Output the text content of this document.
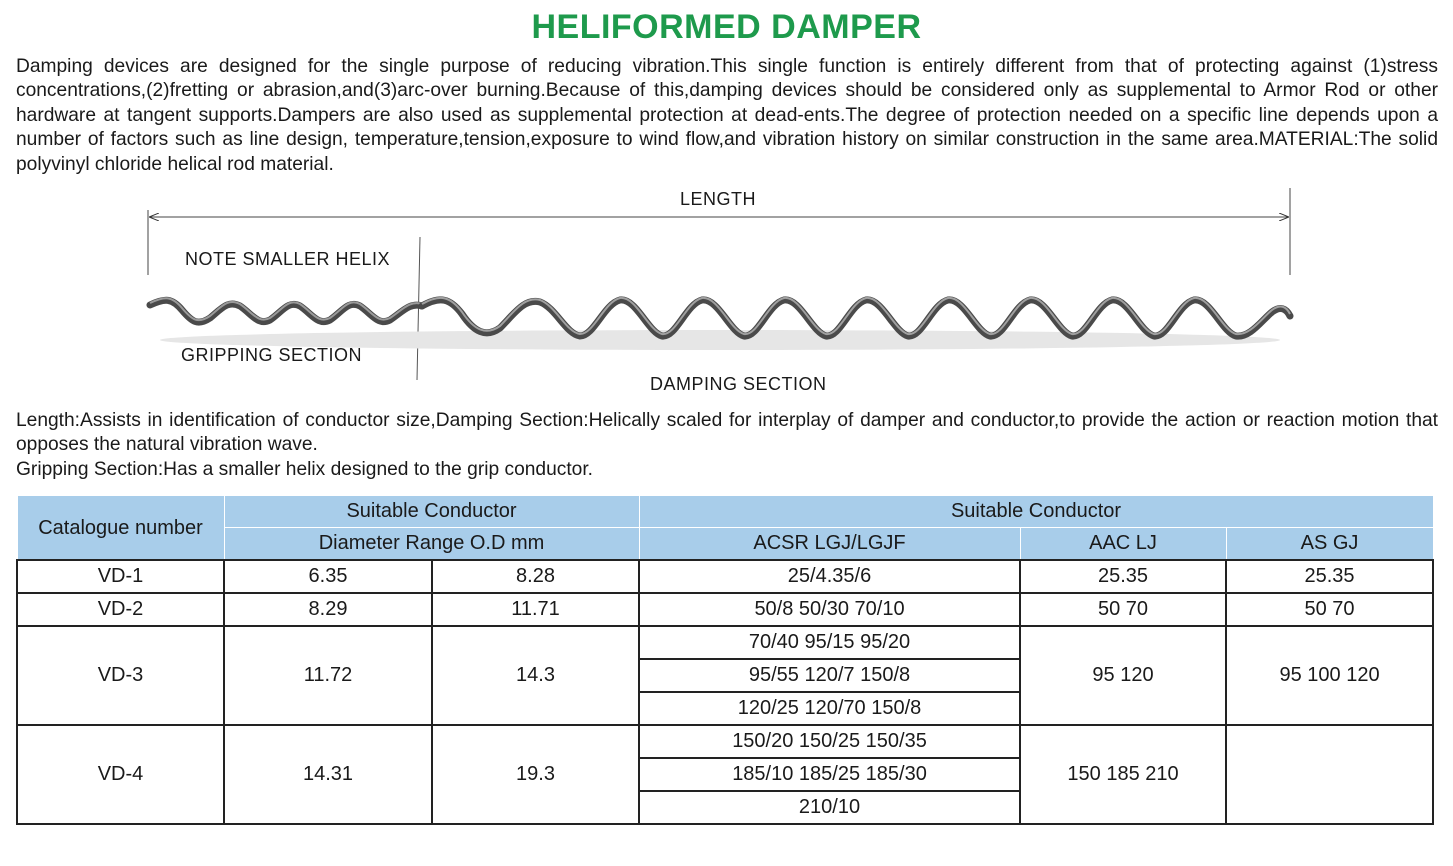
HELIFORMED DAMPER

Damping devices are designed for the single purpose of reducing vibration.This single function is entirely different from that of protecting against (1)stress concentrations,(2)fretting or abrasion,and(3)arc-over burning.Because of this,damping devices should be considered only as supplemental to Armor Rod or other hardware at tangent supports.Dampers are also used as supplemental protection at dead-ents.The degree of protection needed on a specific line depends upon a number of factors such as line design, temperature,tension,exposure to wind flow,and vibration history on similar construction in the same area.MATERIAL:The solid polyvinyl chloride helical rod material.

LENGTH
NOTE SMALLER HELIX
GRIPPING SECTION
DAMPING SECTION

Length:Assists in identification of conductor size,Damping Section:Helically scaled for interplay of damper and conductor,to provide the action or reaction motion that opposes the natural vibration wave.
Gripping Section:Has a smaller helix designed to the grip conductor.

Catalogue number	Suitable Conductor		Suitable Conductor		
	Diameter Range O.D mm		ACSR LGJ/LGJF	AAC LJ	AS GJ
VD-1	6.35	8.28	25/4.35/6	25.35	25.35
VD-2	8.29	11.71	50/8 50/30 70/10	50 70	50 70
VD-3	11.72	14.3	70/40 95/15 95/20	95 120	95 100 120
			95/55 120/7 150/8		
			120/25 120/70 150/8		
VD-4	14.31	19.3	150/20 150/25 150/35	150 185 210	
			185/10 185/25 185/30		
			210/10		
